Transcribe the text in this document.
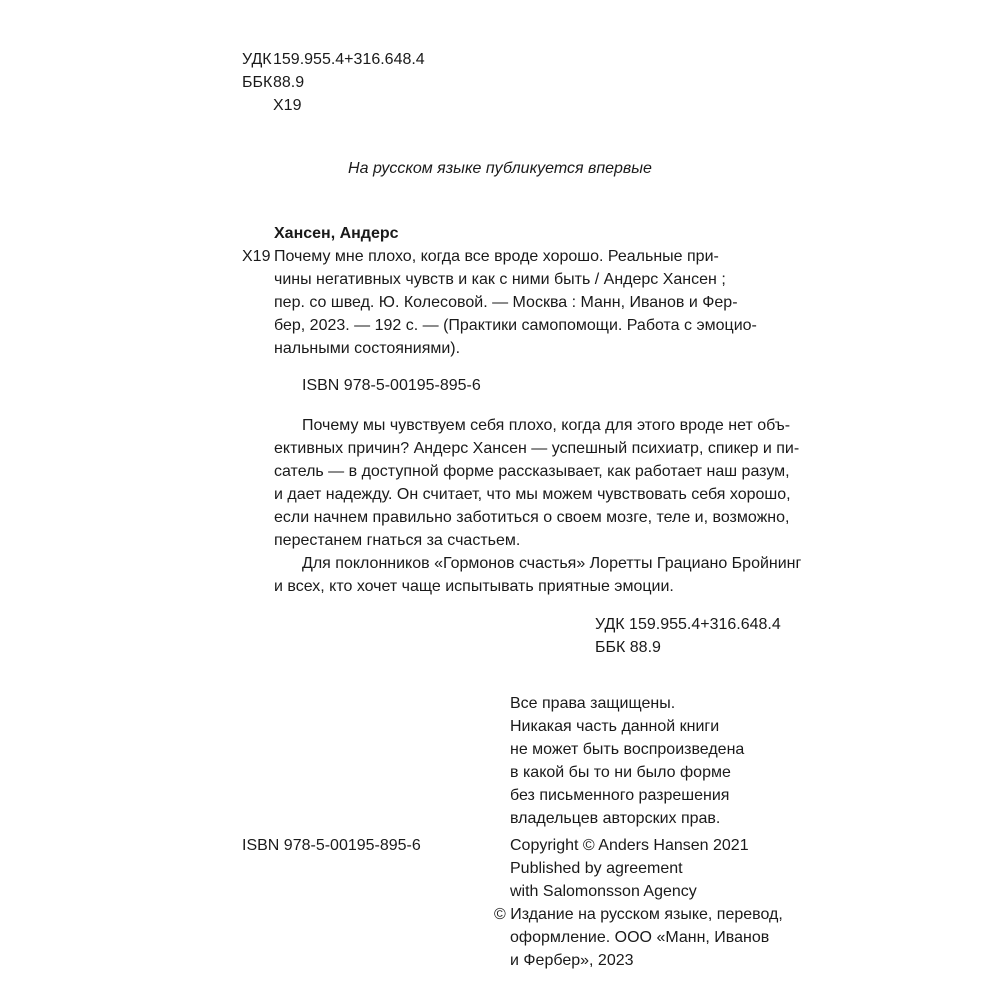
УДК 159.955.4+316.648.4
ББК 88.9
Х19
На русском языке публикуется впервые
Хансен, Андерс
Х19 Почему мне плохо, когда все вроде хорошо. Реальные при-
чины негативных чувств и как с ними быть / Андерс Хансен ;
пер. со швед. Ю. Колесовой. — Москва : Манн, Иванов и Фер-
бер, 2023. — 192 с. — (Практики самопомощи. Работа с эмоцио-
нальными состояниями).
ISBN 978-5-00195-895-6
Почему мы чувствуем себя плохо, когда для этого вроде нет объ-
ективных причин? Андерс Хансен — успешный психиатр, спикер и пи-
сатель — в доступной форме рассказывает, как работает наш разум,
и дает надежду. Он считает, что мы можем чувствовать себя хорошо,
если начнем правильно заботиться о своем мозге, теле и, возможно,
перестанем гнаться за счастьем.
Для поклонников «Гормонов счастья» Лоретты Грациано Бройнинг
и всех, кто хочет чаще испытывать приятные эмоции.
УДК 159.955.4+316.648.4
ББК 88.9
Все права защищены.
Никакая часть данной книги
не может быть воспроизведена
в какой бы то ни было форме
без письменного разрешения
владельцев авторских прав.
ISBN 978-5-00195-895-6	Copyright © Anders Hansen 2021
Published by agreement
with Salomonsson Agency
© Издание на русском языке, перевод,
оформление. ООО «Манн, Иванов
и Фербер», 2023
